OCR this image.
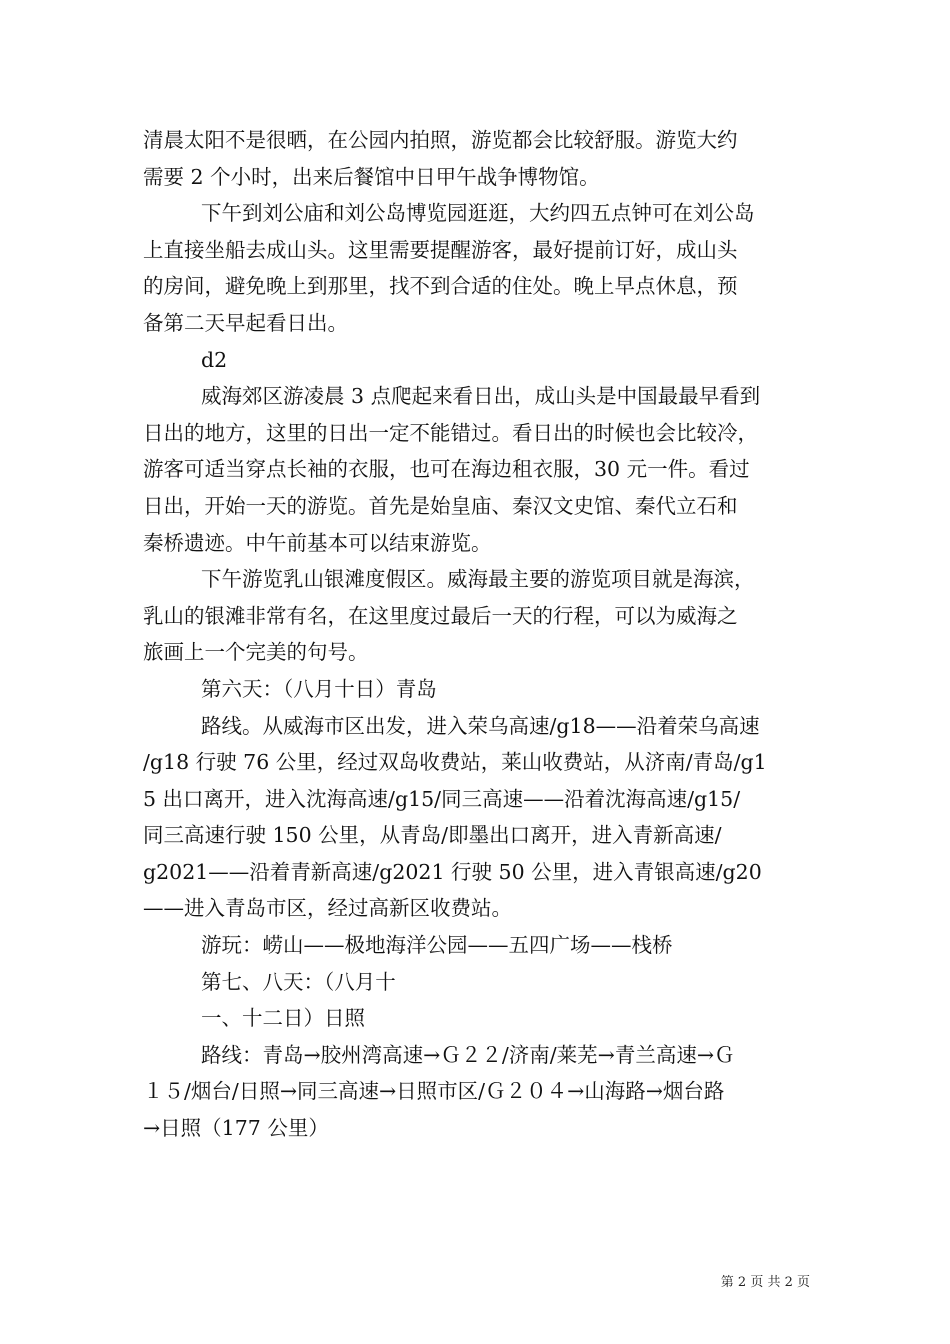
清晨太阳不是很晒，在公园内拍照，游览都会比较舒服。游览大约
需要 2 个小时，出来后餐馆中日甲午战争博物馆。
下午到刘公庙和刘公岛博览园逛逛，大约四五点钟可在刘公岛
上直接坐船去成山头。这里需要提醒游客，最好提前订好，成山头
的房间，避免晚上到那里，找不到合适的住处。晚上早点休息，预
备第二天早起看日出。
d2
威海郊区游凌晨 3 点爬起来看日出，成山头是中国最最早看到
日出的地方，这里的日出一定不能错过。看日出的时候也会比较冷，
游客可适当穿点长袖的衣服，也可在海边租衣服，30 元一件。看过
日出，开始一天的游览。首先是始皇庙、秦汉文史馆、秦代立石和
秦桥遗迹。中午前基本可以结束游览。
下午游览乳山银滩度假区。威海最主要的游览项目就是海滨，
乳山的银滩非常有名，在这里度过最后一天的行程，可以为威海之
旅画上一个完美的句号。
第六天：（八月十日）青岛
路线。从威海市区出发，进入荣乌高速/g18——沿着荣乌高速
/g18 行驶 76 公里，经过双岛收费站，莱山收费站，从济南/青岛/g1
5 出口离开，进入沈海高速/g15/同三高速——沿着沈海高速/g15/
同三高速行驶 150 公里，从青岛/即墨出口离开，进入青新高速/
g2021——沿着青新高速/g2021 行驶 50 公里，进入青银高速/g20
——进入青岛市区，经过高新区收费站。
游玩：崂山——极地海洋公园——五四广场——栈桥
第七、八天：（八月十
一、十二日）日照
路线：青岛→胶州湾高速→Ｇ２２/济南/莱芜→青兰高速→Ｇ
１５/烟台/日照→同三高速→日照市区/Ｇ２０４→山海路→烟台路
→日照（177 公里）
第 2 页 共 2 页
